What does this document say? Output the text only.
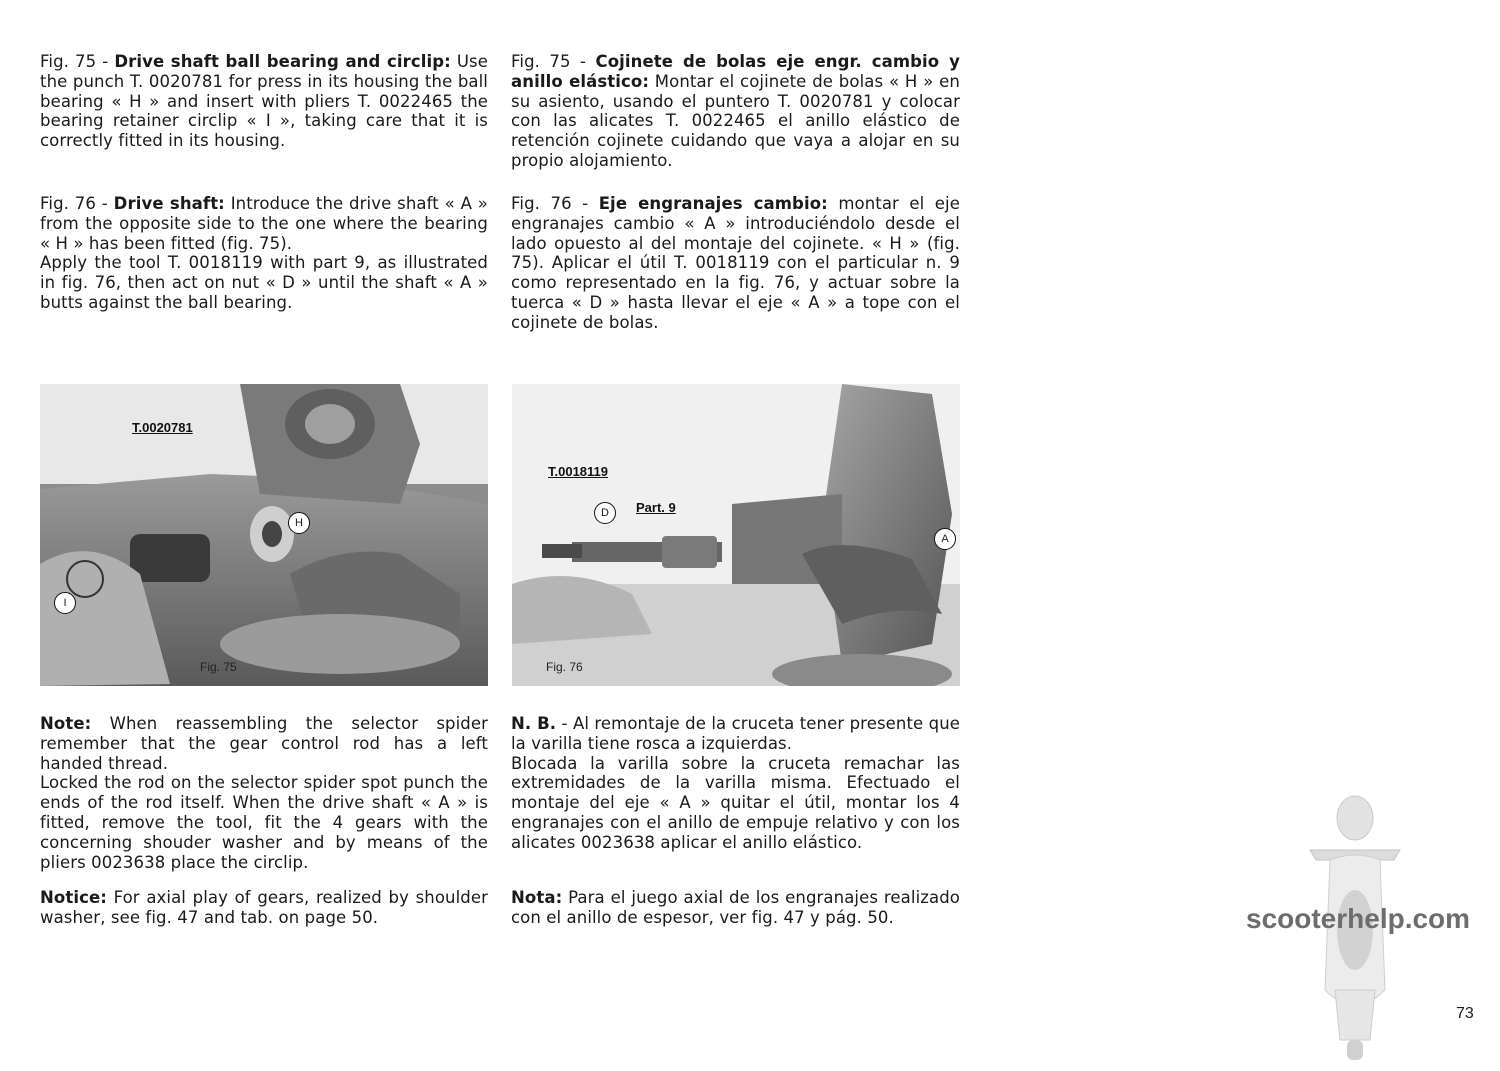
Fig. 75 - Drive shaft ball bearing and circlip: Use the punch T. 0020781 for press in its housing the ball bearing « H » and insert with pliers T. 0022465 the bearing retainer circlip « I », taking care that it is correctly fitted in its housing.
Fig. 76 - Drive shaft: Introduce the drive shaft « A » from the opposite side to the one where the bearing « H » has been fitted (fig. 75).
Apply the tool T. 0018119 with part 9, as illustrated in fig. 76, then act on nut « D » until the shaft « A » butts against the ball bearing.
Note: When reassembling the selector spider remember that the gear control rod has a left handed thread.
Locked the rod on the selector spider spot punch the ends of the rod itself. When the drive shaft « A » is fitted, remove the tool, fit the 4 gears with the concerning shouder washer and by means of the pliers 0023638 place the circlip.
Notice: For axial play of gears, realized by shoulder washer, see fig. 47 and tab. on page 50.
Fig. 75 - Cojinete de bolas eje engr. cambio y anillo elástico: Montar el cojinete de bolas « H » en su asiento, usando el puntero T. 0020781 y colocar con las alicates T. 0022465 el anillo elástico de retención cojinete cuidando que vaya a alojar en su propio alojamiento.
Fig. 76 - Eje engranajes cambio: montar el eje engranajes cambio « A » introduciéndolo desde el lado opuesto al del montaje del cojinete. « H » (fig. 75). Aplicar el útil T. 0018119 con el particular n. 9 como representado en la fig. 76, y actuar sobre la tuerca « D » hasta llevar el eje « A » a tope con el cojinete de bolas.
N. B. - Al remontaje de la cruceta tener presente que la varilla tiene rosca a izquierdas.
Blocada la varilla sobre la cruceta remachar las extremidades de la varilla misma. Efectuado el montaje del eje « A » quitar el útil, montar los 4 engranajes con el anillo de empuje relativo y con los alicates 0023638 aplicar el anillo elástico.
Nota: Para el juego axial de los engranajes realizado con el anillo de espesor, ver fig. 47 y pág. 50.
T.0020781
H
I
Fig. 75
T.0018119
Part. 9
D
A
Fig. 76
scooterhelp.com
73
